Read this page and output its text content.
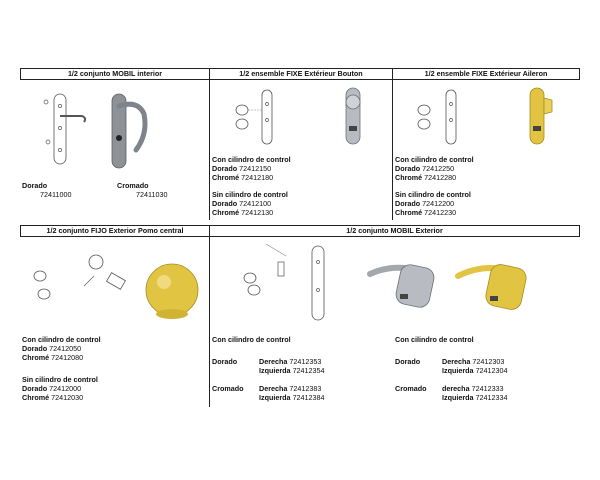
1/2 conjunto MOBIL interior	1/2 ensemble FIXE Extérieur Bouton	1/2 ensemble FIXE Extérieur Aileron
Dorado
72411000
Cromado
72411030
Con cilindro de control
Dorado 72412150
Chromé 72412180
Sin cilindro de control
Dorado 72412100
Chromé 72412130
Con cilindro de control
Dorado 72412250
Chromé 72412280
Sin cilindro de control
Dorado 72412200
Chromé 72412230
1/2 conjunto FIJO Exterior Pomo central	1/2 conjunto MOBIL Exterior
Con cilindro de control
Dorado 72412050
Chromé 72412080
Sin cilindro de control
Dorado 72412000
Chromé 72412030
Con cilindro de control
Dorado	Derecha 72412353
Izquierda 72412354
Cromado Derecha 72412383
Izquierda 72412384
Con cilindro de control
Dorado	Derecha 72412303
Izquierda 72412304
Cromado derecha 72412333
Izquierda 72412334
